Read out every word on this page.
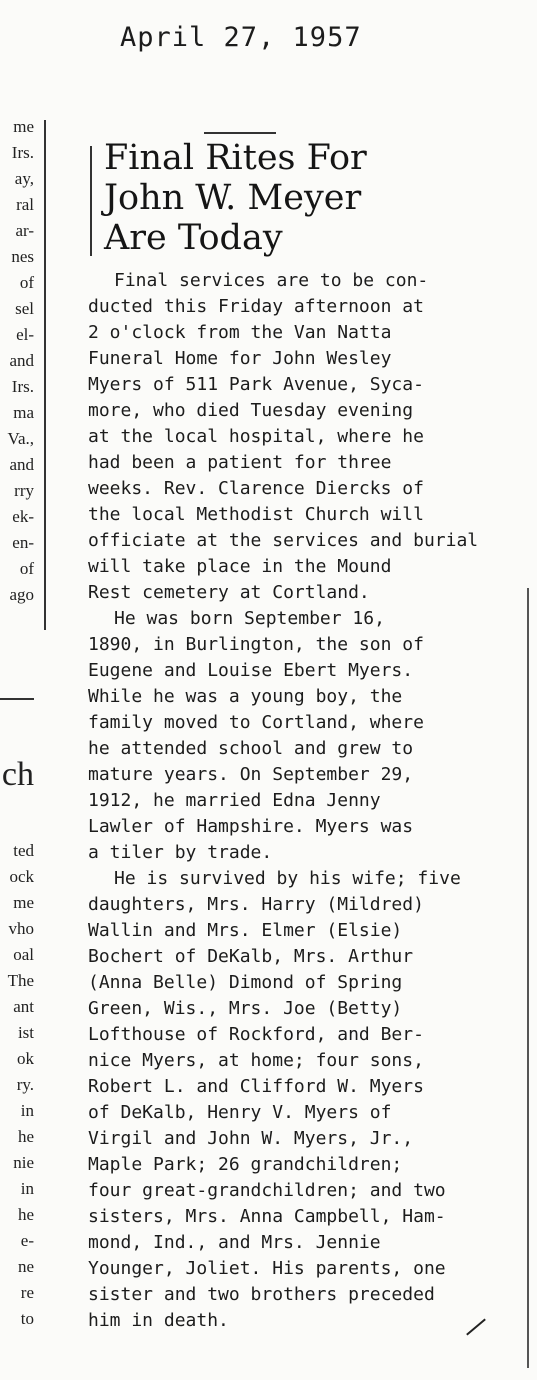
April 27, 1957

me
Irs.
ay,
ral
ar-
nes
of
sel
el-
and
Irs.
ma
Va.,
and
rry
ek-
en-
of
ago

ch

ted
ock
me
vho
oal
The
ant
ist
ok
ry.
in
he
nie
in
he
e-
ne
re
to
Final Rites For
John W. Meyer
Are Today
Final services are to be con-
ducted this Friday afternoon at
2 o'clock from the Van Natta
Funeral Home for John Wesley
Myers of 511 Park Avenue, Syca-
more, who died Tuesday evening
at the local hospital, where he
had been a patient for three
weeks. Rev. Clarence Diercks of
the local Methodist Church will
officiate at the services and burial
will take place in the Mound
Rest cemetery at Cortland.
He was born September 16,
1890, in Burlington, the son of
Eugene and Louise Ebert Myers.
While he was a young boy, the
family moved to Cortland, where
he attended school and grew to
mature years. On September 29,
1912, he married Edna Jenny
Lawler of Hampshire. Myers was
a tiler by trade.
He is survived by his wife; five
daughters, Mrs. Harry (Mildred)
Wallin and Mrs. Elmer (Elsie)
Bochert of DeKalb, Mrs. Arthur
(Anna Belle) Dimond of Spring
Green, Wis., Mrs. Joe (Betty)
Lofthouse of Rockford, and Ber-
nice Myers, at home; four sons,
Robert L. and Clifford W. Myers
of DeKalb, Henry V. Myers of
Virgil and John W. Myers, Jr.,
Maple Park; 26 grandchildren;
four great-grandchildren; and two
sisters, Mrs. Anna Campbell, Ham-
mond, Ind., and Mrs. Jennie
Younger, Joliet. His parents, one
sister and two brothers preceded
him in death.
